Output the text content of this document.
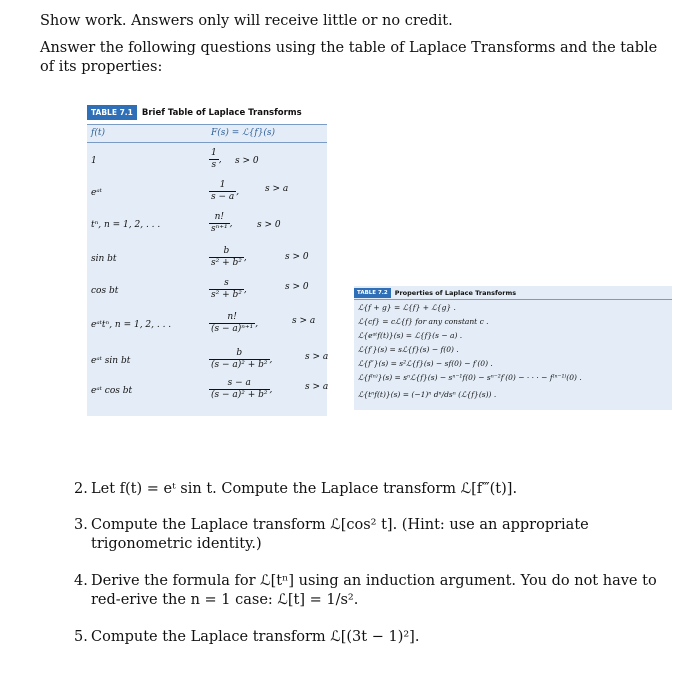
Show work. Answers only will receive little or no credit.

Answer the following questions using the table of Laplace Transforms and the table of its properties:

TABLE 7.1	Brief Table of Laplace Transforms
f(t)	F(s) = ℒ{f}(s)
1	$\frac{1}{s}$ , s > 0
eᵃᵗ	$\frac{1}{s - a}$ ,	s > a
tⁿ, n = 1, 2, . . .	$\frac{n!}{\text{sⁿ⁺¹}}$ ,	s > 0
sin bt	$\frac{b}{\text{s² + b²}}$ ,	s > 0
cos bt	$\frac{s}{\text{s² + b²}}$ ,	s > 0
eᵃᵗtⁿ, n = 1, 2, . . .	$\frac{n!}{\text{(s − a)ⁿ⁺¹}}$ ,	s > a
eᵃᵗ sin bt	$\frac{b}{\text{(s − a)² + b²}}$ ,	s > a
eᵃᵗ cos bt	$\frac{s - a}{\text{(s − a)² + b²}}$ ,	s > a
TABLE 7.2	Properties of Laplace Transforms
ℒ{f + g} = ℒ{f} + ℒ{g} .
ℒ{cf} = cℒ{f} for any constant c .
ℒ{eᵃᵗf(t)}(s) = ℒ{f}(s − a) .
ℒ{f′}(s) = sℒ{f}(s) − f(0) .
ℒ{f″}(s) = s²ℒ{f}(s) − sf(0) − f′(0) .
ℒ{f⁽ⁿ⁾}(s) = sⁿℒ{f}(s) − sⁿ⁻¹f(0) − sⁿ⁻²f′(0) − · · · − f⁽ⁿ⁻¹⁾(0) .
ℒ{tⁿf(t)}(s) = (−1)ⁿ dⁿ/dsⁿ (ℒ{f}(s)) .
2. Let f(t) = eᵗ sin t. Compute the Laplace transform ℒ[f‴(t)].
3. Compute the Laplace transform ℒ[cos² t]. (Hint: use an appropriate trigonometric identity.)
4. Derive the formula for ℒ[tⁿ] using an induction argument. You do not have to red-erive the n = 1 case: ℒ[t] = 1/s².
5. Compute the Laplace transform ℒ[(3t − 1)²].
